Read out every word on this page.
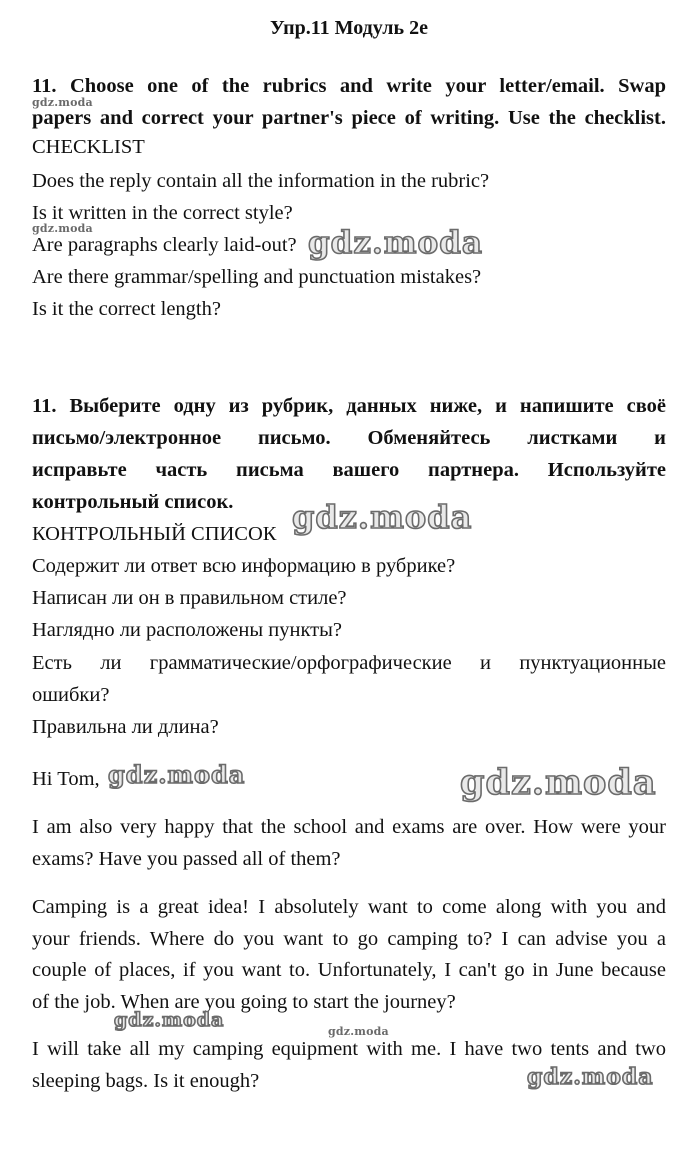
Упр.11 Модуль 2e
11. Choose one of the rubrics and write your letter/email. Swap
papers and correct your partner's piece of writing. Use the checklist.
CHECKLIST
Does the reply contain all the information in the rubric?
Is it written in the correct style?
Are paragraphs clearly laid-out?
Are there grammar/spelling and punctuation mistakes?
Is it the correct length?
11. Выберите одну из рубрик, данных ниже, и напишите своё
письмо/электронное письмо. Обменяйтесь листками и
исправьте часть письма вашего партнера. Используйте
контрольный список.
КОНТРОЛЬНЫЙ СПИСОК
Содержит ли ответ всю информацию в рубрике?
Написан ли он в правильном стиле?
Наглядно ли расположены пункты?
Есть ли грамматические/орфографические и пунктуационные
ошибки?
Правильна ли длина?
Hi Tom,
I am also very happy that the school and exams are over. How were your
exams? Have you passed all of them?
Camping is a great idea! I absolutely want to come along with you and
your friends. Where do you want to go camping to? I can advise you a
couple of places, if you want to. Unfortunately, I can't go in June because
of the job. When are you going to start the journey?
I will take all my camping equipment with me. I have two tents and two
sleeping bags. Is it enough?
gdz.moda
gdz.moda
gdz.moda
gdz.moda
gdz.moda
gdz.moda	gdz.moda
gdz.moda
gdz.moda
